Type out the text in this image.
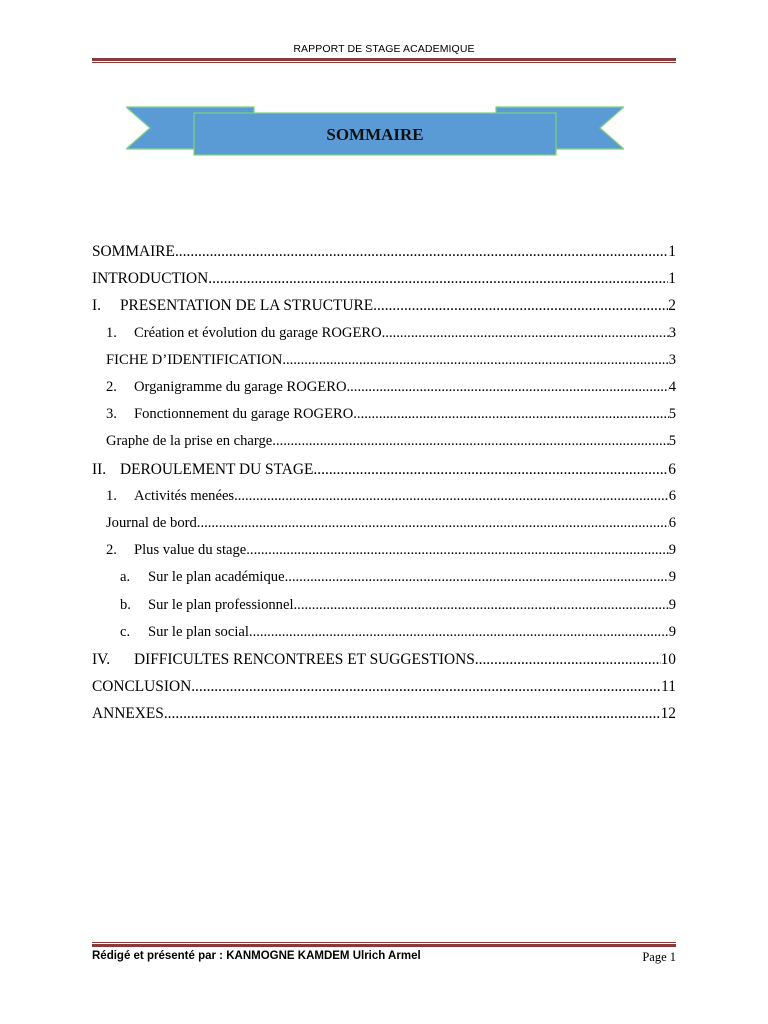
RAPPORT DE STAGE ACADEMIQUE
SOMMAIRE
SOMMAIRE .....	1
INTRODUCTION .....	1
I.	PRESENTATION DE LA STRUCTURE .....	2
1.	Création et évolution du garage ROGERO .....	3
FICHE D’IDENTIFICATION .....	3
2.	Organigramme du garage ROGERO .....	4
3.	Fonctionnement du garage ROGERO .....	5
Graphe de la prise en charge .....	5
II. DEROULEMENT DU STAGE .....	6
1.	Activités menées .....	6
Journal de bord .....	6
2.	Plus value du stage .....	9
a.	Sur le plan académique .....	9
b.	Sur le plan professionnel .....	9
c.	Sur le plan social .....	9
IV.	DIFFICULTES RENCONTREES ET SUGGESTIONS .....	10
CONCLUSION .....	11
ANNEXES .....	12
Rédigé et présenté par : KANMOGNE KAMDEM Ulrich Armel	Page 1
